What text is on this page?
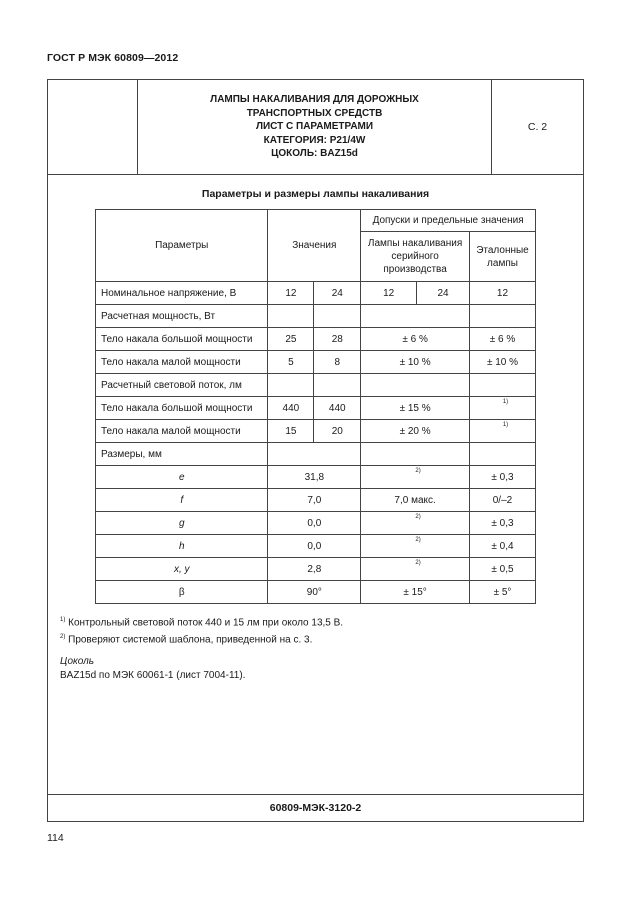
ГОСТ Р МЭК 60809—2012
ЛАМПЫ НАКАЛИВАНИЯ ДЛЯ ДОРОЖНЫХ
ТРАНСПОРТНЫХ СРЕДСТВ
ЛИСТ С ПАРАМЕТРАМИ
КАТЕГОРИЯ: P21/4W
ЦОКОЛЬ: BAZ15d
С. 2
Параметры и размеры лампы накаливания
Параметры	Значения		Допуски и предельные значения		
			Лампы накаливания серийного производства		Эталонные лампы
Номинальное напряжение, В	12	24	12	24	12
Расчетная мощность, Вт					
Тело накала большой мощности	25	28	± 6 %		± 6 %
Тело накала малой мощности	5	8	± 10 %		± 10 %
Расчетный световой поток, лм					
Тело накала большой мощности	440	440	± 15 %		$^{1)}$
Тело накала малой мощности	15	20	± 20 %		$^{1)}$
Размеры, мм					
e	31,8		$^{2)}$		± 0,3
f	7,0		7,0 макс.		0/–2
g	0,0		$^{2)}$		± 0,3
h	0,0		$^{2)}$		± 0,4
x, y	2,8		$^{2)}$		± 0,5
β	90°		± 15°		± 5°
$^{1)}$ Контрольный световой поток 440 и 15 лм при около 13,5 В.
$^{2)}$ Проверяют системой шаблона, приведенной на с. 3.
Цоколь
BAZ15d по МЭК 60061-1 (лист 7004-11).
60809-МЭК-3120-2
114
